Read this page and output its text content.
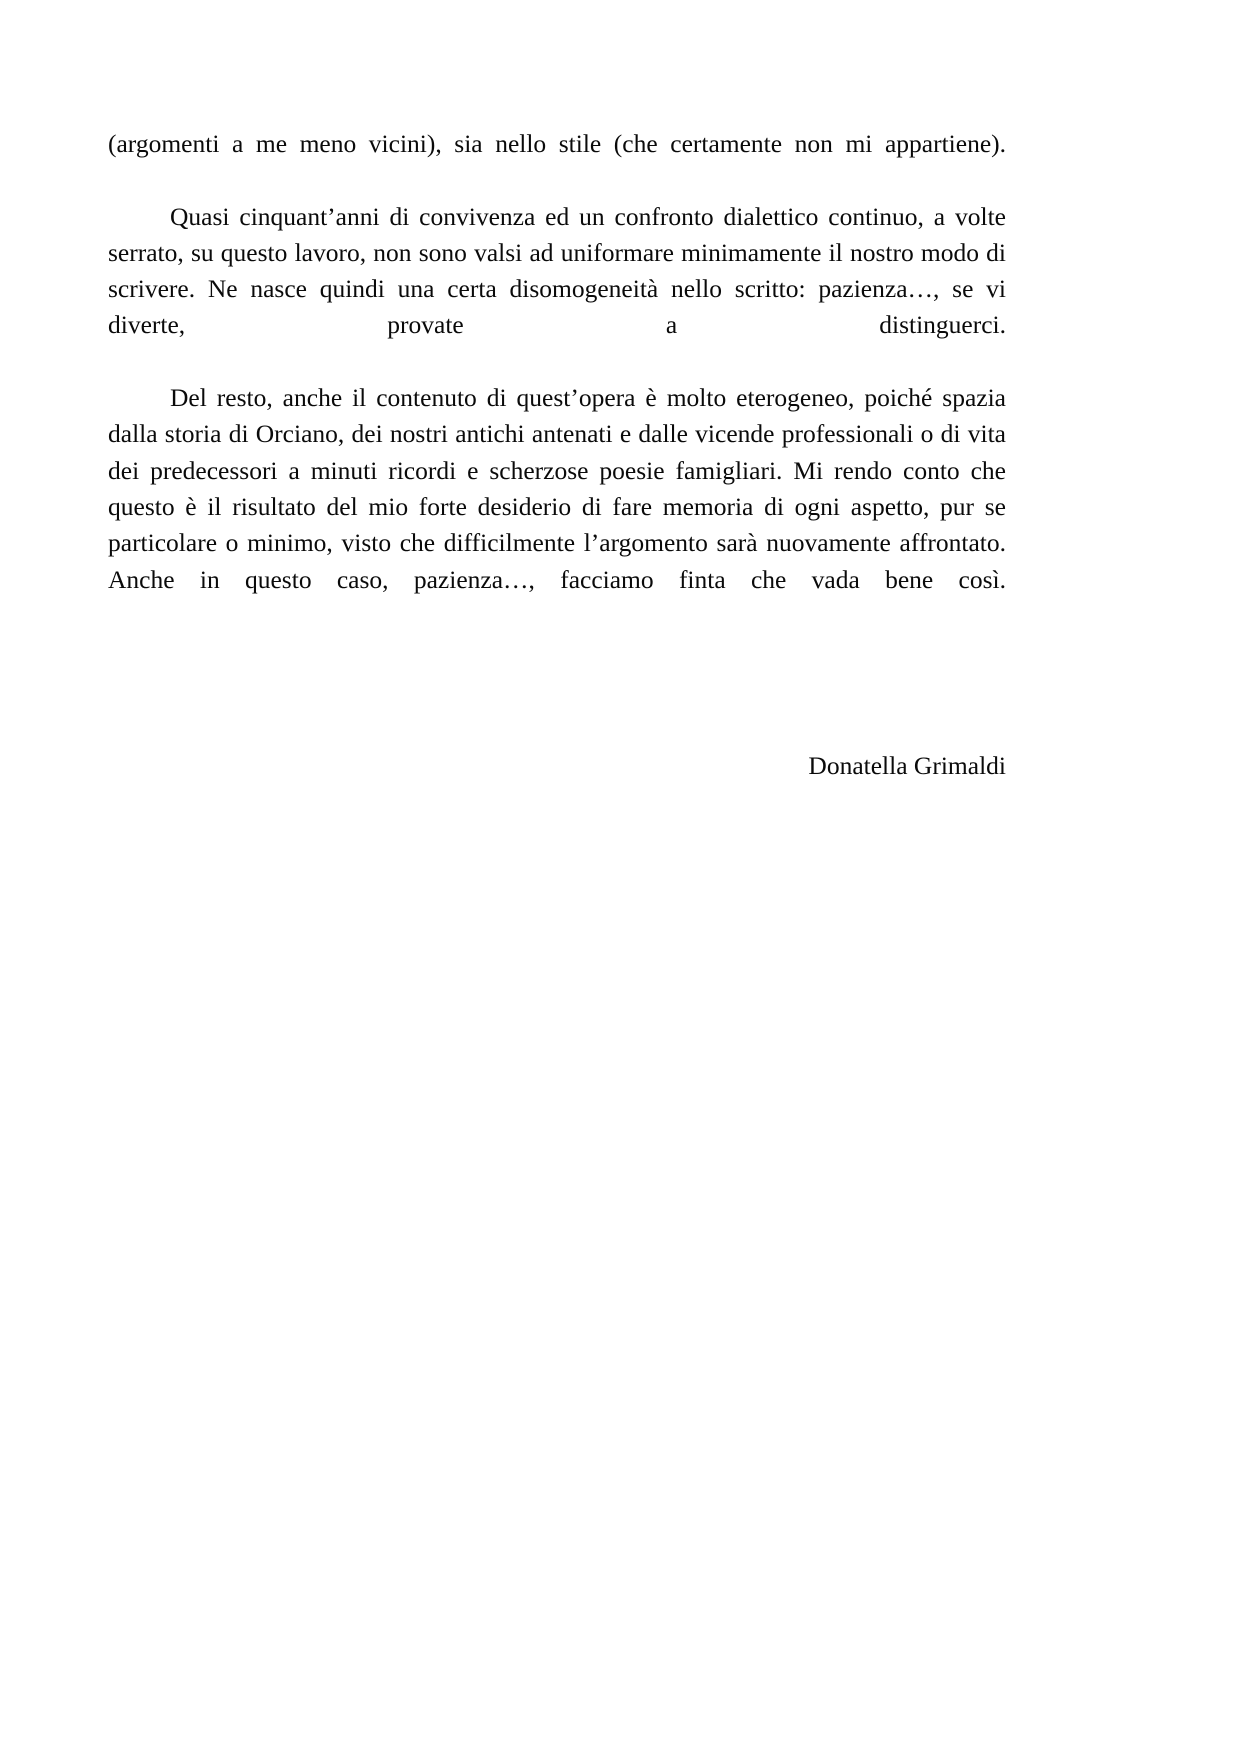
(argomenti a me meno vicini), sia nello stile (che certamente non mi appartiene).

Quasi cinquant’anni di convivenza ed un confronto dialettico continuo, a volte serrato, su questo lavoro, non sono valsi ad uniformare minimamente il nostro modo di scrivere. Ne nasce quindi una certa disomogeneità nello scritto: pazienza…, se vi diverte, provate a distinguerci.

Del resto, anche il contenuto di quest’opera è molto eterogeneo, poiché spazia dalla storia di Orciano, dei nostri antichi antenati e dalle vicende professionali o di vita dei predecessori a minuti ricordi e scherzose poesie famigliari. Mi rendo conto che questo è il risultato del mio forte desiderio di fare memoria di ogni aspetto, pur se particolare o minimo, visto che difficilmente l’argomento sarà nuovamente affrontato. Anche in questo caso, pazienza…, facciamo finta che vada bene così.

Donatella Grimaldi
